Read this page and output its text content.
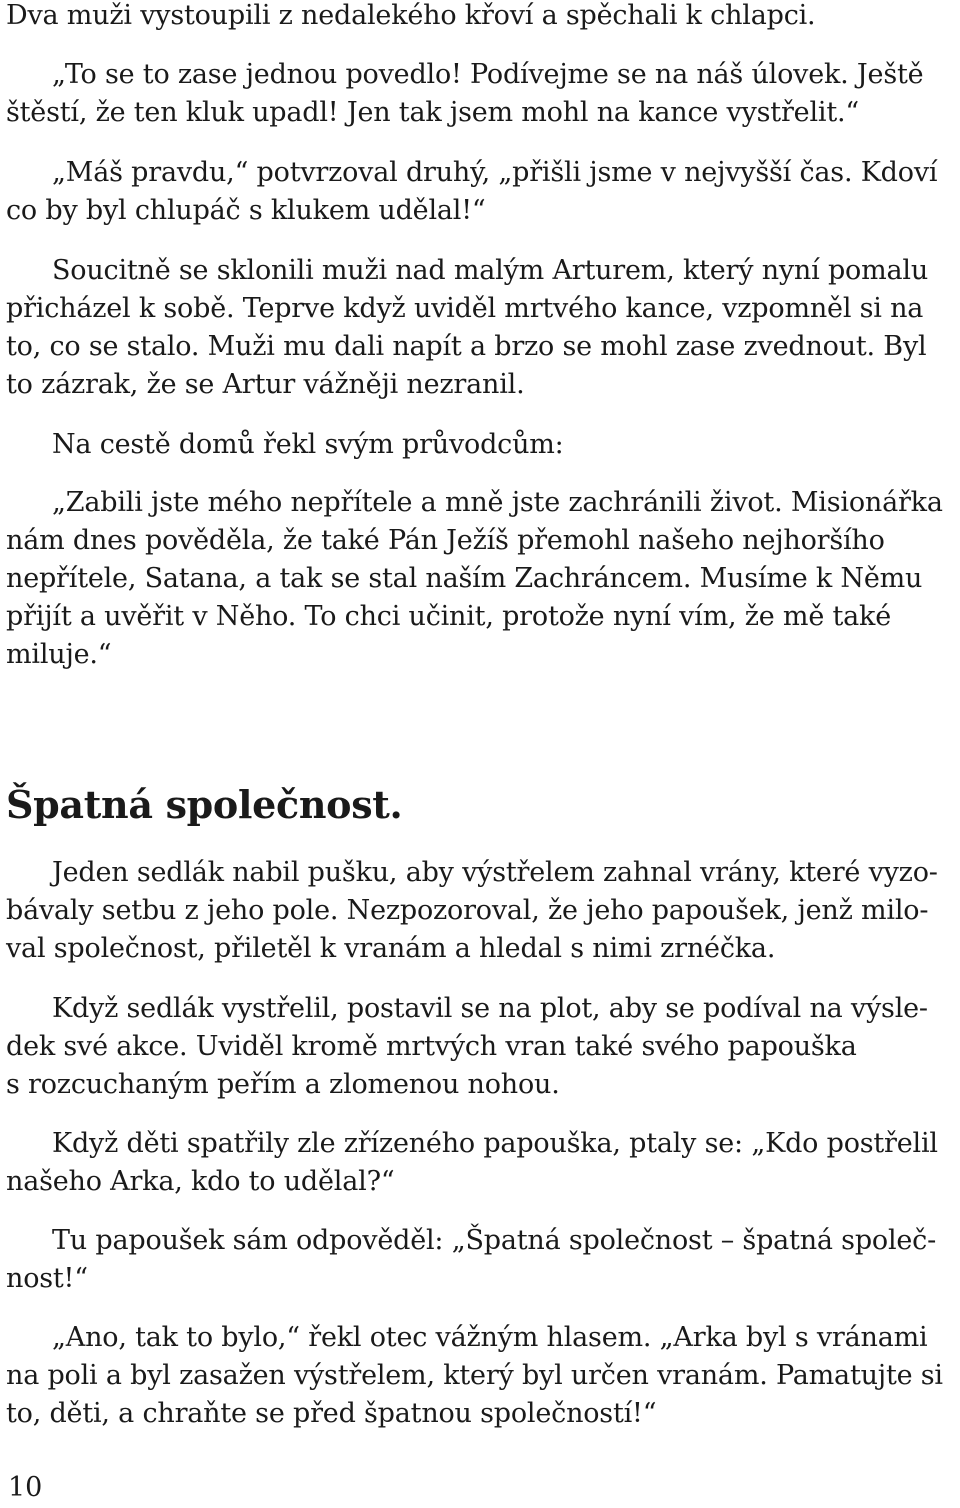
Dva muži vystoupili z nedalekého křoví a spěchali k chlapci.
„To se to zase jednou povedlo! Podívejme se na náš úlovek. Ještě
štěstí, že ten kluk upadl! Jen tak jsem mohl na kance vystřelit.“
„Máš pravdu,“ potvrzoval druhý, „přišli jsme v nejvyšší čas. Kdoví
co by byl chlupáč s klukem udělal!“
Soucitně se sklonili muži nad malým Arturem, který nyní pomalu
přicházel k sobě. Teprve když uviděl mrtvého kance, vzpomněl si na
to, co se stalo. Muži mu dali napít a brzo se mohl zase zvednout. Byl
to zázrak, že se Artur vážněji nezranil.
Na cestě domů řekl svým průvodcům:
„Zabili jste mého nepřítele a mně jste zachránili život. Misionářka
nám dnes pověděla, že také Pán Ježíš přemohl našeho nejhoršího
nepřítele, Satana, a tak se stal naším Zachráncem. Musíme k Němu
přijít a uvěřit v Něho. To chci učinit, protože nyní vím, že mě také
miluje.“
Špatná společnost.
Jeden sedlák nabil pušku, aby výstřelem zahnal vrány, které vyzo-
bávaly setbu z jeho pole. Nezpozoroval, že jeho papoušek, jenž milo-
val společnost, přiletěl k vranám a hledal s nimi zrnéčka.
Když sedlák vystřelil, postavil se na plot, aby se podíval na výsle-
dek své akce. Uviděl kromě mrtvých vran také svého papouška
s rozcuchaným peřím a zlomenou nohou.
Když děti spatřily zle zřízeného papouška, ptaly se: „Kdo postřelil
našeho Arka, kdo to udělal?“
Tu papoušek sám odpověděl: „Špatná společnost – špatná společ-
nost!“
„Ano, tak to bylo,“ řekl otec vážným hlasem. „Arka byl s vránami
na poli a byl zasažen výstřelem, který byl určen vranám. Pamatujte si
to, děti, a chraňte se před špatnou společností!“
10
